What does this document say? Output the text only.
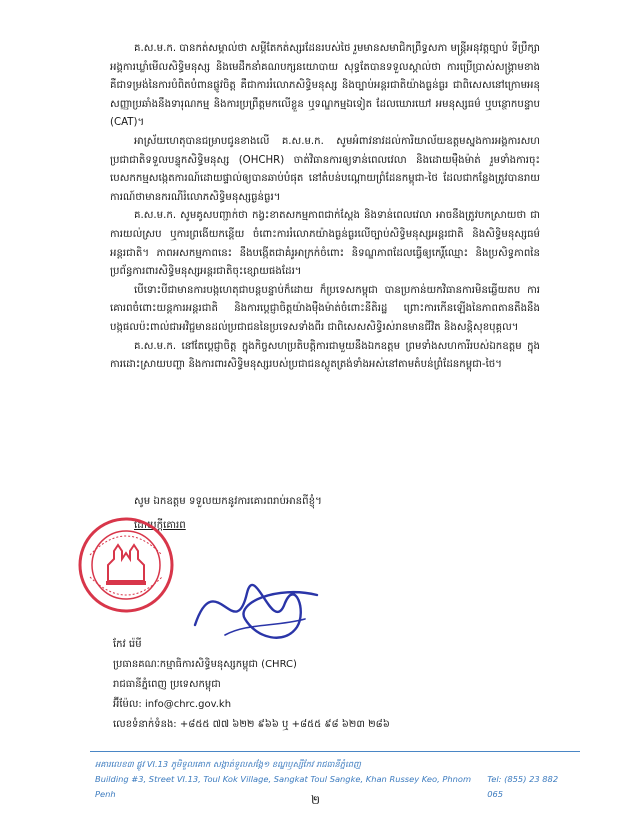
គ.ស.ម.ក. បានកត់សម្គាល់ថា សម្ដីតែកត់ស្សរដែនរបស់ថៃ រួមមានសមាជិកព្រឹទ្ធសភា មន្ត្រីអនុវត្តច្បាប់ ទីប្រឹក្សាអង្គការឃ្លាំមើលសិទ្ធិមនុស្ស និងមេដឹកនាំគណបក្សនយោបាយ សុទ្ធតែបានទទួលស្គាល់ថា ការប្រើប្រាស់សង្គ្រាមខាង គឺជាទម្រង់នៃការបំពិតបំពានផ្លូវចិត្ត គឺជាការរំលោភសិទ្ធិមនុស្ស និងច្បាប់អន្តរជាតិយ៉ាងធ្ងន់ធ្ងរ ជាពិសេសនៅក្រោមអនុសញ្ញាប្រឆាំងនឹងទារុណកម្ម និងការប្រព្រឹត្តមកលើខ្លួន ឬទណ្ឌកម្មឯទៀត ដែលឃោរឃៅ អមនុស្សធម៌ ឬបន្ថោកបន្ទាប (CAT)។

អាស្រ័យហេតុបានជម្រាបជូនខាងលើ គ.ស.ម.ក. សូមអំពាវនាវដល់ការិយាល័យឧត្តមស្នងការអង្គការសហប្រជាជាតិទទួលបន្ទុកសិទ្ធិមនុស្ស (OHCHR) ចាត់វិធានការឲ្យទាន់ពេលវេលា និងដោយម៉ឺងម៉ាត់ រួមទាំងការចុះបេសកកម្មសង្កេតការណ៍ដោយផ្ទាល់ឲ្យបានឆាប់បំផុត នៅតំបន់បណ្ដោយព្រំដែនកម្ពុជា-ថៃ ដែលជាកន្លែងត្រូវបានរាយការណ៍ថាមានករណីរំលោភសិទ្ធិមនុស្សធ្ងន់ធ្ងរ។

គ.ស.ម.ក. សូមគូសបញ្ជាក់ថា កង្វះខាតសកម្មភាពជាក់ស្ដែង និងទាន់ពេលវេលា អាចនឹងត្រូវបកស្រាយថា ជាការយល់ស្រប ឬការព្រងើយកន្តើយ ចំពោះការរំលោភយ៉ាងធ្ងន់ធ្ងរលើច្បាប់សិទ្ធិមនុស្សអន្តរជាតិ និងសិទ្ធិមនុស្សធម៌អន្តរជាតិ។ ភាពអសកម្មភាពនេះ នឹងបង្កើតជាគំរូអាក្រក់ចំពោះ និទណ្ឌភាពដែលធ្វើឲ្យកេរ្តិ៍ឈ្មោះ និងប្រសិទ្ធភាពនៃប្រព័ន្ធការពារសិទ្ធិមនុស្សអន្តរជាតិចុះខ្សោយផងដែរ។

បើទោះបីជាមានការបង្កហេតុជាបន្តបន្ទាប់ក៏ដោយ ក៏ប្រទេសកម្ពុជា បានប្រកាន់យកវិធានការមិនឆ្លើយតប ការគោរពចំពោះយន្តការអន្តរជាតិ និងការប្ដេជ្ញាចិត្តយ៉ាងម៉ឺងម៉ាត់ចំពោះនីតិរដ្ឋ ព្រោះការកើនឡើងនៃភាពតានតឹងនឹងបង្កផលប៉ះពាល់ជាអវិជ្ជមានដល់ប្រជាជននៃប្រទេសទាំងពីរ ជាពិសេសសិទ្ធិរស់រានមានជីវិត និងសន្តិសុខបុគ្គល។

គ.ស.ម.ក. នៅតែប្ដេជ្ញាចិត្ត ក្នុងកិច្ចសហប្រតិបត្តិការជាមួយនឹងឯកឧត្តម ព្រមទាំងសហការីរបស់ឯកឧត្តម ក្នុងការដោះស្រាយបញ្ហា និងការពារសិទ្ធិមនុស្សរបស់ប្រជាជនស្លូតត្រង់ទាំងអស់នៅតាមតំបន់ព្រំដែនកម្ពុជា-ថៃ។

សូម ឯកឧត្តម ទទួលយកនូវការគោរពរាប់អានពីខ្ញុំ។
ដោយក្ដីគោរព
កែវ រ៉េមី
ប្រធានគណៈកម្មាធិការសិទ្ធិមនុស្សកម្ពុជា (CHRC)
រាជធានីភ្នំពេញ ប្រទេសកម្ពុជា
អ៊ីម៉ែល: info@chrc.gov.kh
លេខទំនាក់ទំនង: +៨៥៥ ៧៧ ៦២២ ៩៦៦ ឬ +៨៥៥ ៩៨ ៦២៣ ២៨៦
អគារលេខ៣ ផ្លូវ VI.13 ភូមិទួលគោក សង្កាត់ទួលសង្កែ១ ខណ្ឌឫស្សីកែវ រាជធានីភ្នំពេញ
Building #3, Street VI.13, Toul Kok Village, Sangkat Toul Sangke, Khan Russey Keo, Phnom Penh
Tel: (855) 23 882 065
២
